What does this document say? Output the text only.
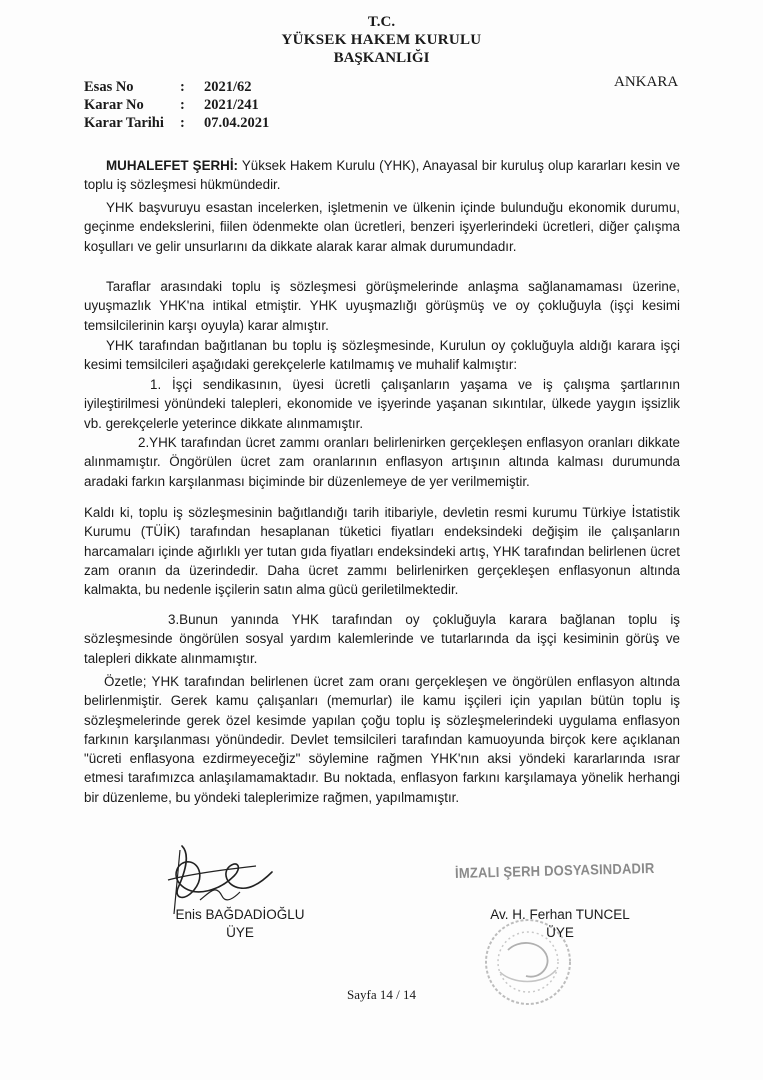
T.C.
YÜKSEK HAKEM KURULU
BAŞKANLIĞI
ANKARA
Esas No	:	2021/62
Karar No	:	2021/241
Karar Tarihi	:	07.04.2021
MUHALEFET ŞERHİ: Yüksek Hakem Kurulu (YHK), Anayasal bir kuruluş olup kararları kesin ve toplu iş sözleşmesi hükmündedir.
YHK başvuruyu esastan incelerken, işletmenin ve ülkenin içinde bulunduğu ekonomik durumu, geçinme endekslerini, fiilen ödenmekte olan ücretleri, benzeri işyerlerindeki ücretleri, diğer çalışma koşulları ve gelir unsurlarını da dikkate alarak karar almak durumundadır.
Taraflar arasındaki toplu iş sözleşmesi görüşmelerinde anlaşma sağlanamaması üzerine, uyuşmazlık YHK'na intikal etmiştir. YHK uyuşmazlığı görüşmüş ve oy çokluğuyla (işçi kesimi temsilcilerinin karşı oyuyla) karar almıştır.
YHK tarafından bağıtlanan bu toplu iş sözleşmesinde, Kurulun oy çokluğuyla aldığı karara işçi kesimi temsilcileri aşağıdaki gerekçelerle katılmamış ve muhalif kalmıştır:
1. İşçi sendikasının, üyesi ücretli çalışanların yaşama ve iş çalışma şartlarının iyileştirilmesi yönündeki talepleri, ekonomide ve işyerinde yaşanan sıkıntılar, ülkede yaygın işsizlik vb. gerekçelerle yeterince dikkate alınmamıştır.
2.YHK tarafından ücret zammı oranları belirlenirken gerçekleşen enflasyon oranları dikkate alınmamıştır. Öngörülen ücret zam oranlarının enflasyon artışının altında kalması durumunda aradaki farkın karşılanması biçiminde bir düzenlemeye de yer verilmemiştir.
Kaldı ki, toplu iş sözleşmesinin bağıtlandığı tarih itibariyle, devletin resmi kurumu Türkiye İstatistik Kurumu (TÜİK) tarafından hesaplanan tüketici fiyatları endeksindeki değişim ile çalışanların harcamaları içinde ağırlıklı yer tutan gıda fiyatları endeksindeki artış, YHK tarafından belirlenen ücret zam oranın da üzerindedir. Daha ücret zammı belirlenirken gerçekleşen enflasyonun altında kalmakta, bu nedenle işçilerin satın alma gücü geriletilmektedir.
3.Bunun yanında YHK tarafından oy çokluğuyla karara bağlanan toplu iş sözleşmesinde öngörülen sosyal yardım kalemlerinde ve tutarlarında da işçi kesiminin görüş ve talepleri dikkate alınmamıştır.
Özetle; YHK tarafından belirlenen ücret zam oranı gerçekleşen ve öngörülen enflasyon altında belirlenmiştir. Gerek kamu çalışanları (memurlar) ile kamu işçileri için yapılan bütün toplu iş sözleşmelerinde gerek özel kesimde yapılan çoğu toplu iş sözleşmelerindeki uygulama enflasyon farkının karşılanması yönündedir. Devlet temsilcileri tarafından kamuoyunda birçok kere açıklanan "ücreti enflasyona ezdirmeyeceğiz" söylemine rağmen YHK'nın aksi yöndeki kararlarında ısrar etmesi tarafımızca anlaşılamamaktadır. Bu noktada, enflasyon farkını karşılamaya yönelik herhangi bir düzenleme, bu yöndeki taleplerimize rağmen, yapılmamıştır.
Enis BAĞDADİOĞLU
ÜYE
İMZALI ŞERH DOSYASINDADIR
Av. H. Ferhan TUNCEL
ÜYE
Sayfa 14 / 14
